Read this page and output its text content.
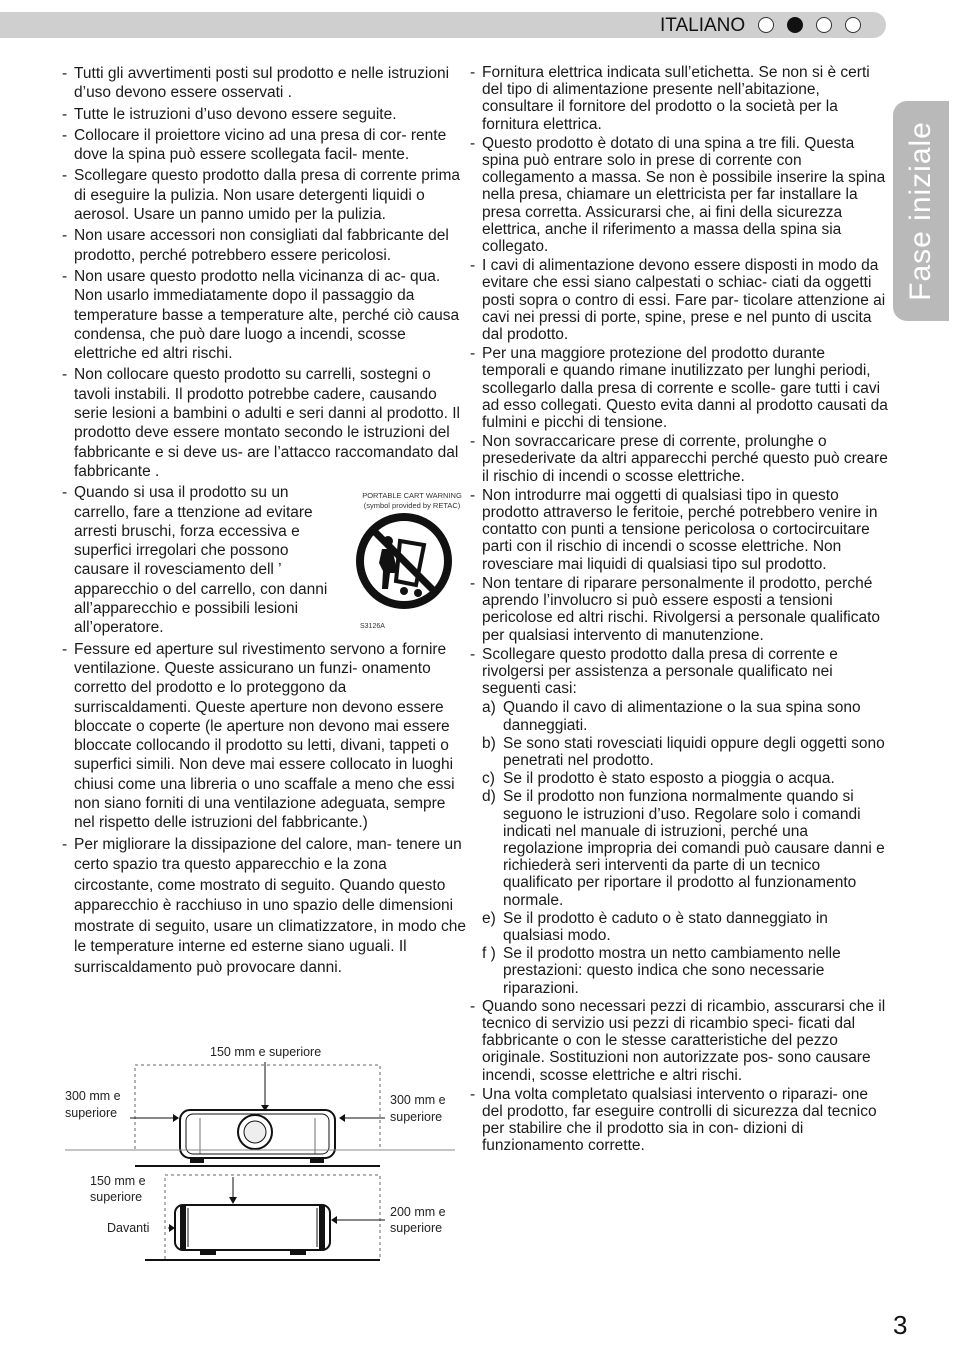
ITALIANO
Fase iniziale
- Tutti gli avvertimenti posti sul prodotto e nelle istruzioni d’uso devono essere osservati .
- Tutte le istruzioni d’uso devono essere seguite.
- Collocare il proiettore vicino ad una presa di cor- rente dove la spina può essere scollegata facil- mente.
- Scollegare questo prodotto dalla presa di corrente prima di eseguire la pulizia. Non usare detergenti liquidi o aerosol. Usare un panno umido per la pulizia.
- Non usare accessori non consigliati dal fabbricante del prodotto, perché potrebbero essere pericolosi.
- Non usare questo prodotto nella vicinanza di ac- qua. Non usarlo immediatamente dopo il passaggio da temperature basse a temperature alte, perché ciò causa condensa, che può dare luogo a incendi, scosse elettriche ed altri rischi.
- Non collocare questo prodotto su carrelli, sostegni o tavoli instabili. Il prodotto potrebbe cadere, causando serie lesioni a bambini o adulti e seri danni al prodotto. Il prodotto deve essere montato secondo le istruzioni del fabbricante e si deve us- are l’attacco raccomandato dal fabbricante .
- Quando si usa il prodotto su un carrello, fare a ttenzione ad evitare arresti bruschi, forza eccessiva e superfici irregolari che possono causare il rovesciamento dell ’ apparecchio o del carrello, con danni all’apparecchio e possibili lesioni all’operatore.
PORTABLE CART WARNING (symbol provided by RETAC)
S3126A
- Fessure ed aperture sul rivestimento servono a fornire ventilazione. Queste assicurano un funzi- onamento corretto del prodotto e lo proteggono da surriscaldamenti. Queste aperture non devono essere bloccate o coperte (le aperture non devono mai essere bloccate collocando il prodotto su letti, divani, tappeti o superfici simili. Non deve mai essere collocato in luoghi chiusi come una libreria o uno scaffale a meno che essi non siano forniti di una ventilazione adeguata, sempre nel rispetto delle istruzioni del fabbricante.)
- Per migliorare la dissipazione del calore, man- tenere un certo spazio tra questo apparecchio e la zona circostante, come mostrato di seguito. Quando questo apparecchio è racchiuso in uno spazio delle dimensioni mostrate di seguito, usare un climatizzatore, in modo che le temperature interne ed esterne siano uguali. Il surriscaldamento può provocare danni.
150 mm e superiore
300 mm e
superiore
300 mm e
superiore
150 mm e
superiore
Davanti
200 mm e
superiore
- Fornitura elettrica indicata sull’etichetta. Se non si è certi del tipo di alimentazione presente nell’abitazione, consultare il fornitore del prodotto o la società per la fornitura elettrica.
- Questo prodotto è dotato di una spina a tre fili. Questa spina può entrare solo in prese di corrente con collegamento a massa. Se non è possibile inserire la spina nella presa, chiamare un elettricista per far installare la presa corretta. Assicurarsi che, ai fini della sicurezza elettrica, anche il riferimento a massa della spina sia collegato.
- I cavi di alimentazione devono essere disposti in modo da evitare che essi siano calpestati o schiac- ciati da oggetti posti sopra o contro di essi. Fare par- ticolare attenzione ai cavi nei pressi di porte, spine, prese e nel punto di uscita dal prodotto.
- Per una maggiore protezione del prodotto durante temporali e quando rimane inutilizzato per lunghi periodi, scollegarlo dalla presa di corrente e scolle- gare tutti i cavi ad esso collegati. Questo evita danni al prodotto causati da fulmini e picchi di tensione.
- Non sovraccaricare prese di corrente, prolunghe o presederivate da altri apparecchi perché questo può creare il rischio di incendi o scosse elettriche.
- Non introdurre mai oggetti di qualsiasi tipo in questo prodotto attraverso le feritoie, perché potrebbero venire in contatto con punti a tensione pericolosa o cortocircuitare parti con il rischio di incendi o scosse elettriche. Non rovesciare mai liquidi di qualsiasi tipo sul prodotto.
- Non tentare di riparare personalmente il prodotto, perché aprendo l’involucro si può essere esposti a tensioni pericolose ed altri rischi. Rivolgersi a personale qualificato per qualsiasi intervento di manutenzione.
- Scollegare questo prodotto dalla presa di corrente e rivolgersi per assistenza a personale qualificato nei seguenti casi:
a) Quando il cavo di alimentazione o la sua spina sono danneggiati.
b) Se sono stati rovesciati liquidi oppure degli oggetti sono penetrati nel prodotto.
c) Se il prodotto è stato esposto a pioggia o acqua.
d) Se il prodotto non funziona normalmente quando si seguono le istruzioni d’uso. Regolare solo i comandi indicati nel manuale di istruzioni, perché una regolazione impropria dei comandi può causare danni e richiederà seri interventi da parte di un tecnico qualificato per riportare il prodotto al funzionamento normale.
e) Se il prodotto è caduto o è stato danneggiato in qualsiasi modo.
f ) Se il prodotto mostra un netto cambiamento nelle prestazioni: questo indica che sono necessarie riparazioni.
- Quando sono necessari pezzi di ricambio, asscurarsi che il tecnico di servizio usi pezzi di ricambio speci- ficati dal fabbricante o con le stesse caratteristiche del pezzo originale. Sostituzioni non autorizzate pos- sono causare incendi, scosse elettriche e altri rischi.
- Una volta completato qualsiasi intervento o riparazi- one del prodotto, far eseguire controlli di sicurezza dal tecnico per stabilire che il prodotto sia in con- dizioni di funzionamento corrette.
3
